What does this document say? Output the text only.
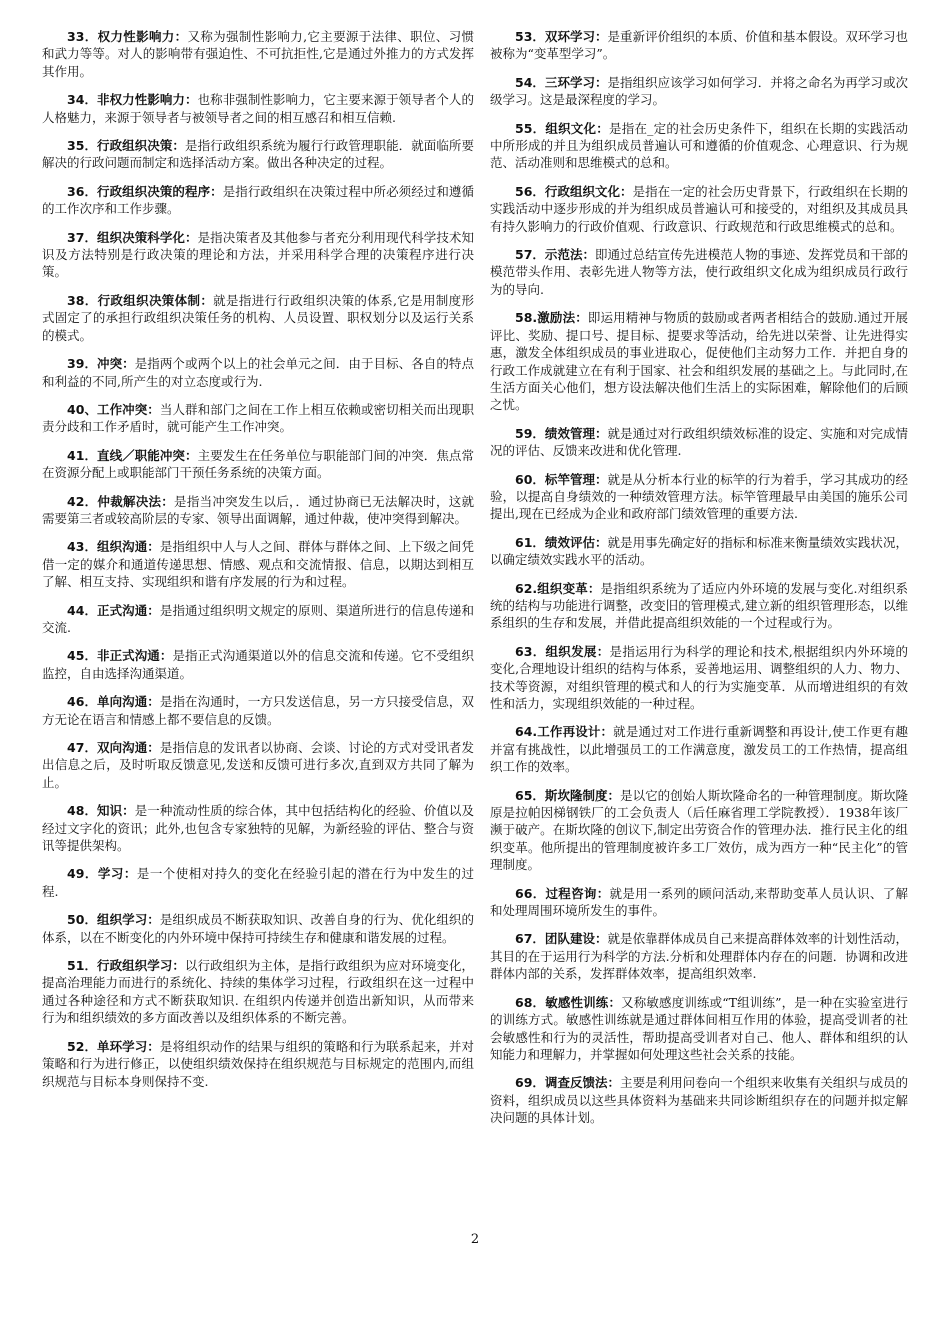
33．权力性影响力：又称为强制性影响力,它主要源于法律、职位、习惯和武力等等。对人的影响带有强迫性、不可抗拒性,它是通过外推力的方式发挥其作用。

34．非权力性影响力：也称非强制性影响力，它主要来源于领导者个人的人格魅力，来源于领导者与被领导者之间的相互感召和相互信赖.

35．行政组织决策：是指行政组织系统为履行行政管理职能．就面临所要解决的行政问题而制定和选择活动方案。做出各种决定的过程。

36．行政组织决策的程序：是指行政组织在决策过程中所必须经过和遵循的工作次序和工作步骤。

37．组织决策科学化：是指决策者及其他参与者充分利用现代科学技术知识及方法特别是行政决策的理论和方法，并采用科学合理的决策程序进行决策。

38．行政组织决策体制：就是指进行行政组织决策的体系,它是用制度形式固定了的承担行政组织决策任务的机构、人员设置、职权划分以及运行关系的模式。

39．冲突：是指两个或两个以上的社会单元之间．由于目标、各自的特点和利益的不同,所产生的对立态度或行为.

40、工作冲突：当人群和部门之间在工作上相互依赖或密切相关而出现职责分歧和工作矛盾时，就可能产生工作冲突。

41．直线／职能冲突：主要发生在任务单位与职能部门间的冲突．焦点常在资源分配上或职能部门干预任务系统的决策方面。

42．仲裁解决法：是指当冲突发生以后，．通过协商已无法解决时，这就需要第三者或较高阶层的专家、领导出面调解，通过仲裁，使冲突得到解决。

43．组织沟通：是指组织中人与人之间、群体与群体之间、上下级之间凭借一定的媒介和通道传递思想、情感、观点和交流情报、信息，以期达到相互了解、相互支持、实现组织和谐有序发展的行为和过程。

44．正式沟通：是指通过组织明文规定的原则、渠道所进行的信息传递和交流.

45．非正式沟通：是指正式沟通渠道以外的信息交流和传递。它不受组织监控，自由选择沟通渠道。

46．单向沟通：是指在沟通时，一方只发送信息，另一方只接受信息，双方无论在语言和情感上都不要信息的反馈。

47．双向沟通：是指信息的发讯者以协商、会谈、讨论的方式对受讯者发出信息之后，及时听取反馈意见,发送和反馈可进行多次,直到双方共同了解为止。

48．知识：是一种流动性质的综合体，其中包括结构化的经验、价值以及经过文字化的资讯；此外,也包含专家独特的见解，为新经验的评估、整合与资讯等提供架构。

49．学习：是一个使相对持久的变化在经验引起的潜在行为中发生的过程.

50．组织学习：是组织成员不断获取知识、改善自身的行为、优化组织的体系，以在不断变化的内外环境中保持可持续生存和健康和谐发展的过程。

51．行政组织学习：以行政组织为主体，是指行政组织为应对环境变化，提高治理能力而进行的系统化、持续的集体学习过程，行政组织在这一过程中通过各种途径和方式不断获取知识. 在组织内传递并创造出新知识，从而带来行为和组织绩效的多方面改善以及组织体系的不断完善。

52．单环学习：是将组织动作的结果与组织的策略和行为联系起来，并对策略和行为进行修正，以使组织绩效保持在组织规范与目标规定的范围内,而组织规范与目标本身则保持不变.

53．双环学习：是重新评价组织的本质、价值和基本假设。双环学习也被称为“变革型学习”。

54．三环学习：是指组织应该学习如何学习．并将之命名为再学习或次级学习。这是最深程度的学习。

55．组织文化：是指在_定的社会历史条件下，组织在长期的实践活动中所形成的并且为组织成员普遍认可和遵循的价值观念、心理意识、行为规范、活动准则和思维模式的总和。

56．行政组织文化：是指在一定的社会历史背景下，行政组织在长期的实践活动中逐步形成的并为组织成员普遍认可和接受的，对组织及其成员具有持久影响力的行政价值观、行政意识、行政规范和行政思维模式的总和。

57．示范法：即通过总结宣传先进模范人物的事迹、发挥党员和干部的模范带头作用、表彰先进人物等方法，使行政组织文化成为组织成员行政行为的导向.

58.激励法：即运用精神与物质的鼓励或者两者相结合的鼓励.通过开展评比、奖励、提口号、提目标、提要求等活动，给先进以荣誉、让先进得实惠，激发全体组织成员的事业进取心，促使他们主动努力工作．并把自身的行政工作成就建立在有利于国家、社会和组织发展的基础之上。与此同时,在生活方面关心他们，想方设法解决他们生活上的实际困难，解除他们的后顾之忧。

59．绩效管理：就是通过对行政组织绩效标准的设定、实施和对完成情况的评估、反馈来改进和优化管理.

60．标竿管理：就是从分析本行业的标竿的行为着手，学习其成功的经验，以提高自身绩效的一种绩效管理方法。标竿管理最早由美国的施乐公司提出,现在已经成为企业和政府部门绩效管理的重要方法.

61．绩效评估：就是用事先确定好的指标和标准来衡量绩效实践状况，以确定绩效实践水平的活动。

62.组织变革：是指组织系统为了适应内外环境的发展与变化.对组织系统的结构与功能进行调整，改变旧的管理模式,建立新的组织管理形态，以维系组织的生存和发展，并借此提高组织效能的一个过程或行为。

63．组织发展：是指运用行为科学的理论和技术,根据组织内外环境的变化,合理地设计组织的结构与体系，妥善地运用、调整组织的人力、物力、技术等资源，对组织管理的模式和人的行为实施变革．从而增进组织的有效性和活力，实现组织效能的一种过程。

64.工作再设计：就是通过对工作进行重新调整和再设计,使工作更有趣并富有挑战性，以此增强员工的工作满意度，激发员工的工作热情，提高组织工作的效率。

65．斯坎隆制度：是以它的创始人斯坎隆命名的一种管理制度。斯坎隆原是拉帕因梯钢铁厂的工会负责人（后任麻省理工学院教授）．1938年该厂濒于破产。在斯坎隆的创议下,制定出劳资合作的管理办法．推行民主化的组织变革。他所提出的管理制度被许多工厂效仿，成为西方一种“民主化”的管理制度。

66．过程咨询：就是用一系列的顾问活动,来帮助变革人员认识、了解和处理周围环境所发生的事件。

67．团队建设：就是依靠群体成员自己来提高群体效率的计划性活动，其目的在于运用行为科学的方法.分析和处理群体内存在的问题．协调和改进群体内部的关系，发挥群体效率，提高组织效率.

68．敏感性训练：又称敏感度训练或“T组训练”，是一种在实验室进行的训练方式。敏感性训练就是通过群体间相互作用的体验，提高受训者的社会敏感性和行为的灵活性，帮助提高受训者对自己、他人、群体和组织的认知能力和理解力，并掌握如何处理这些社会关系的技能。

69．调查反馈法：主要是利用问卷向一个组织来收集有关组织与成员的资料，组织成员以这些具体资料为基础来共同诊断组织存在的问题并拟定解决问题的具体计划。

2
